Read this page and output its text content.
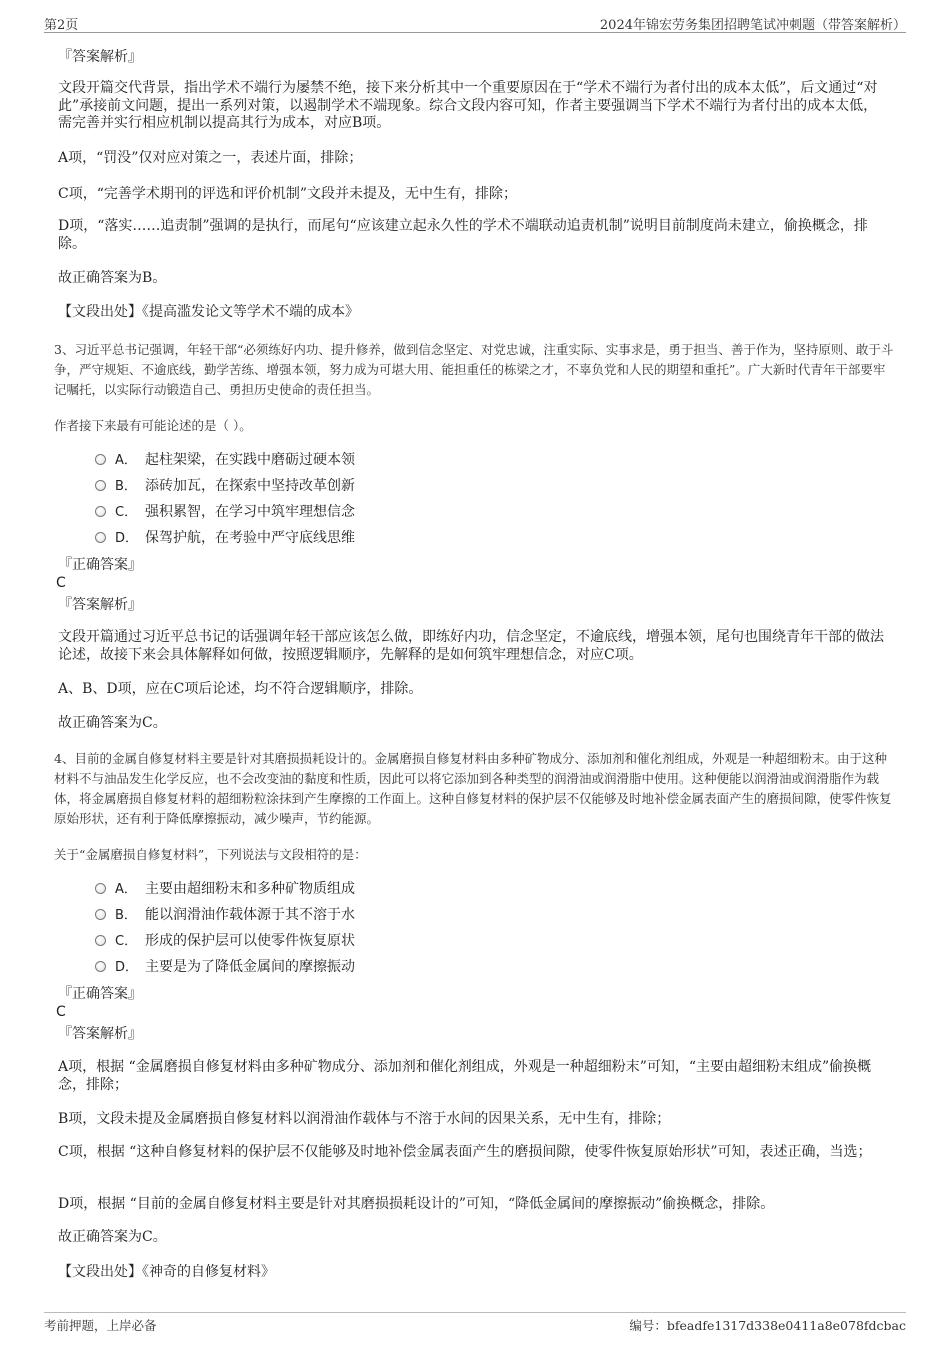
第2页	2024年锦宏劳务集团招聘笔试冲刺题（带答案解析）
『答案解析』
文段开篇交代背景，指出学术不端行为屡禁不绝，接下来分析其中一个重要原因在于“学术不端行为者付出的成本太低”，后文通过“对此”承接前文问题，提出一系列对策，以遏制学术不端现象。综合文段内容可知，作者主要强调当下学术不端行为者付出的成本太低，需完善并实行相应机制以提高其行为成本，对应B项。
A项，“罚没”仅对应对策之一，表述片面，排除；
C项，“完善学术期刊的评选和评价机制”文段并未提及，无中生有，排除；
D项，“落实……追责制”强调的是执行，而尾句“应该建立起永久性的学术不端联动追责机制”说明目前制度尚未建立，偷换概念，排除。
故正确答案为B。
【文段出处】《提高滥发论文等学术不端的成本》
3、习近平总书记强调，年轻干部“必须练好内功、提升修养，做到信念坚定、对党忠诚，注重实际、实事求是，勇于担当、善于作为，坚持原则、敢于斗争，严守规矩、不逾底线，勤学苦练、增强本领，努力成为可堪大用、能担重任的栋梁之才，不辜负党和人民的期望和重托”。广大新时代青年干部要牢记嘱托，以实际行动锻造自己、勇担历史使命的责任担当。
作者接下来最有可能论述的是（ ）。
A． 起柱架梁，在实践中磨砺过硬本领
B． 添砖加瓦，在探索中坚持改革创新
C． 强积累智，在学习中筑牢理想信念
D． 保驾护航，在考验中严守底线思维
『正确答案』
C
『答案解析』
文段开篇通过习近平总书记的话强调年轻干部应该怎么做，即练好内功，信念坚定，不逾底线，增强本领，尾句也围绕青年干部的做法论述，故接下来会具体解释如何做，按照逻辑顺序，先解释的是如何筑牢理想信念，对应C项。
A、B、D项，应在C项后论述，均不符合逻辑顺序，排除。
故正确答案为C。
4、目前的金属自修复材料主要是针对其磨损损耗设计的。金属磨损自修复材料由多种矿物成分、添加剂和催化剂组成，外观是一种超细粉末。由于这种材料不与油品发生化学反应，也不会改变油的黏度和性质，因此可以将它添加到各种类型的润滑油或润滑脂中使用。这种便能以润滑油或润滑脂作为载体，将金属磨损自修复材料的超细粉粒涂抹到产生摩擦的工作面上。这种自修复材料的保护层不仅能够及时地补偿金属表面产生的磨损间隙，使零件恢复原始形状，还有利于降低摩擦振动，减少噪声，节约能源。
关于“金属磨损自修复材料”，下列说法与文段相符的是：
A． 主要由超细粉末和多种矿物质组成
B． 能以润滑油作载体源于其不溶于水
C． 形成的保护层可以使零件恢复原状
D． 主要是为了降低金属间的摩擦振动
『正确答案』
C
『答案解析』
A项，根据 “金属磨损自修复材料由多种矿物成分、添加剂和催化剂组成，外观是一种超细粉末”可知，“主要由超细粉末组成”偷换概念，排除；
B项，文段未提及金属磨损自修复材料以润滑油作载体与不溶于水间的因果关系，无中生有，排除；
C项，根据 “这种自修复材料的保护层不仅能够及时地补偿金属表面产生的磨损间隙，使零件恢复原始形状”可知，表述正确，当选；
D项，根据 “目前的金属自修复材料主要是针对其磨损损耗设计的”可知，“降低金属间的摩擦振动”偷换概念，排除。
故正确答案为C。
【文段出处】《神奇的自修复材料》
考前押题，上岸必备	编号：bfeadfe1317d338e0411a8e078fdcbac
